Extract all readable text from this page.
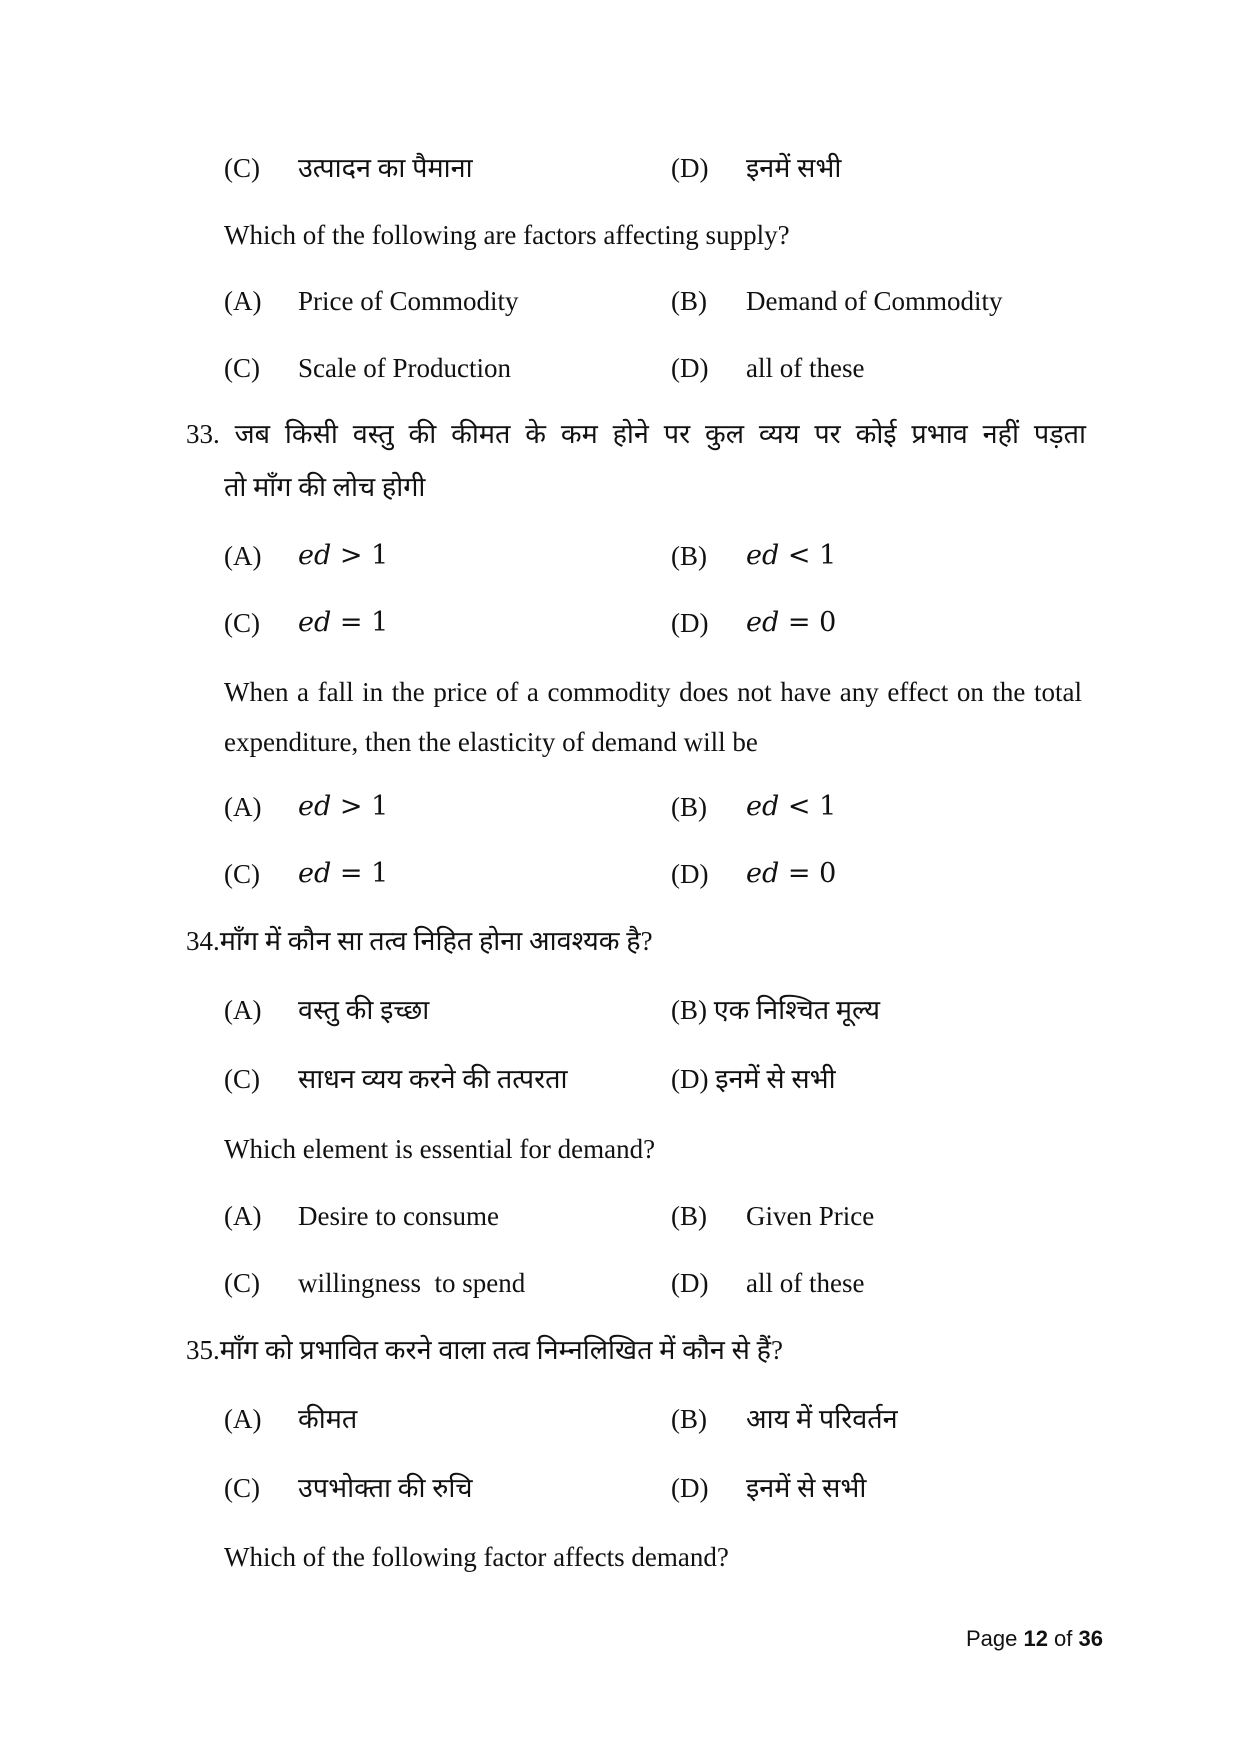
(C) उत्पादन का पैमाना	(D) इनमें सभी
Which of the following are factors affecting supply?
(A) Price of Commodity	(B) Demand of Commodity
(C) Scale of Production	(D) all of these
33. जब किसी वस्तु की कीमत के कम होने पर कुल व्यय पर कोई प्रभाव नहीं पड़ता
तो माँग की लोच होगी
(A) ed > 1	(B) ed < 1
(C) ed = 1	(D) ed = 0
When a fall in the price of a commodity does not have any effect on the total expenditure, then the elasticity of demand will be
(A) ed > 1	(B) ed < 1
(C) ed = 1	(D) ed = 0
34.माँग में कौन सा तत्व निहित होना आवश्यक है?
(A) वस्तु की इच्छा	(B) एक निश्चित मूल्य
(C) साधन व्यय करने की तत्परता	(D) इनमें से सभी
Which element is essential for demand?
(A) Desire to consume	(B) Given Price
(C) willingness  to spend	(D) all of these
35.माँग को प्रभावित करने वाला तत्व निम्नलिखित में कौन से हैं?
(A) कीमत	(B) आय में परिवर्तन
(C) उपभोक्ता की रुचि	(D) इनमें से सभी
Which of the following factor affects demand?
Page 12 of 36
